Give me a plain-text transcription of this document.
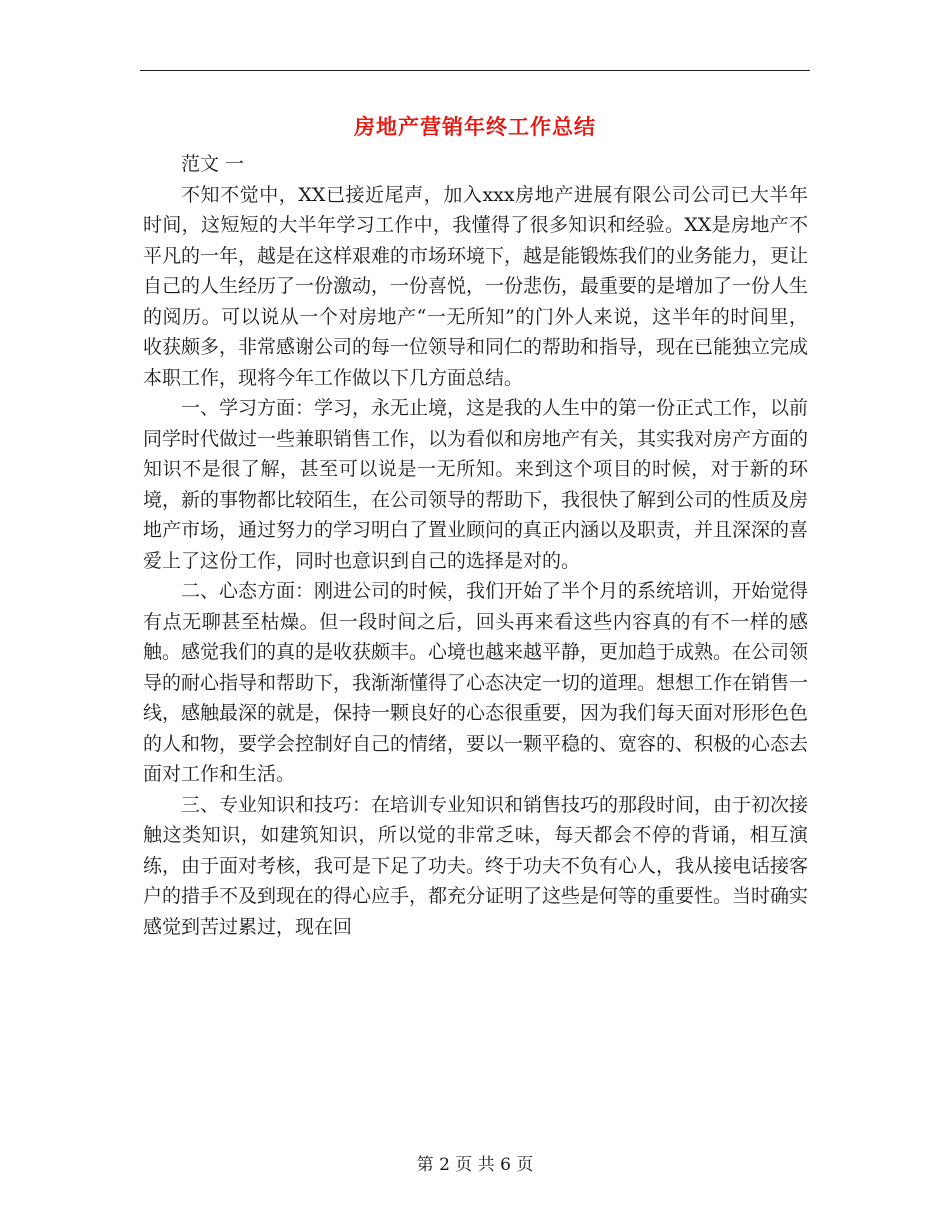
房地产营销年终工作总结

范文 一

不知不觉中，XX已接近尾声，加入xxx房地产进展有限公司公司已大半年时间，这短短的大半年学习工作中，我懂得了很多知识和经验。XX是房地产不平凡的一年，越是在这样艰难的市场环境下，越是能锻炼我们的业务能力，更让自己的人生经历了一份激动，一份喜悦，一份悲伤，最重要的是增加了一份人生的阅历。可以说从一个对房地产“一无所知”的门外人来说，这半年的时间里，收获颇多，非常感谢公司的每一位领导和同仁的帮助和指导，现在已能独立完成本职工作，现将今年工作做以下几方面总结。

一、学习方面：学习，永无止境，这是我的人生中的第一份正式工作，以前同学时代做过一些兼职销售工作，以为看似和房地产有关，其实我对房产方面的知识不是很了解，甚至可以说是一无所知。来到这个项目的时候，对于新的环境，新的事物都比较陌生，在公司领导的帮助下，我很快了解到公司的性质及房地产市场，通过努力的学习明白了置业顾问的真正内涵以及职责，并且深深的喜爱上了这份工作，同时也意识到自己的选择是对的。

二、心态方面：刚进公司的时候，我们开始了半个月的系统培训，开始觉得有点无聊甚至枯燥。但一段时间之后，回头再来看这些内容真的有不一样的感触。感觉我们的真的是收获颇丰。心境也越来越平静，更加趋于成熟。在公司领导的耐心指导和帮助下，我渐渐懂得了心态决定一切的道理。想想工作在销售一线，感触最深的就是，保持一颗良好的心态很重要，因为我们每天面对形形色色的人和物，要学会控制好自己的情绪，要以一颗平稳的、宽容的、积极的心态去面对工作和生活。

三、专业知识和技巧：在培训专业知识和销售技巧的那段时间，由于初次接触这类知识，如建筑知识，所以觉的非常乏味，每天都会不停的背诵，相互演练，由于面对考核，我可是下足了功夫。终于功夫不负有心人，我从接电话接客户的措手不及到现在的得心应手，都充分证明了这些是何等的重要性。当时确实感觉到苦过累过，现在回

第 2 页 共 6 页
